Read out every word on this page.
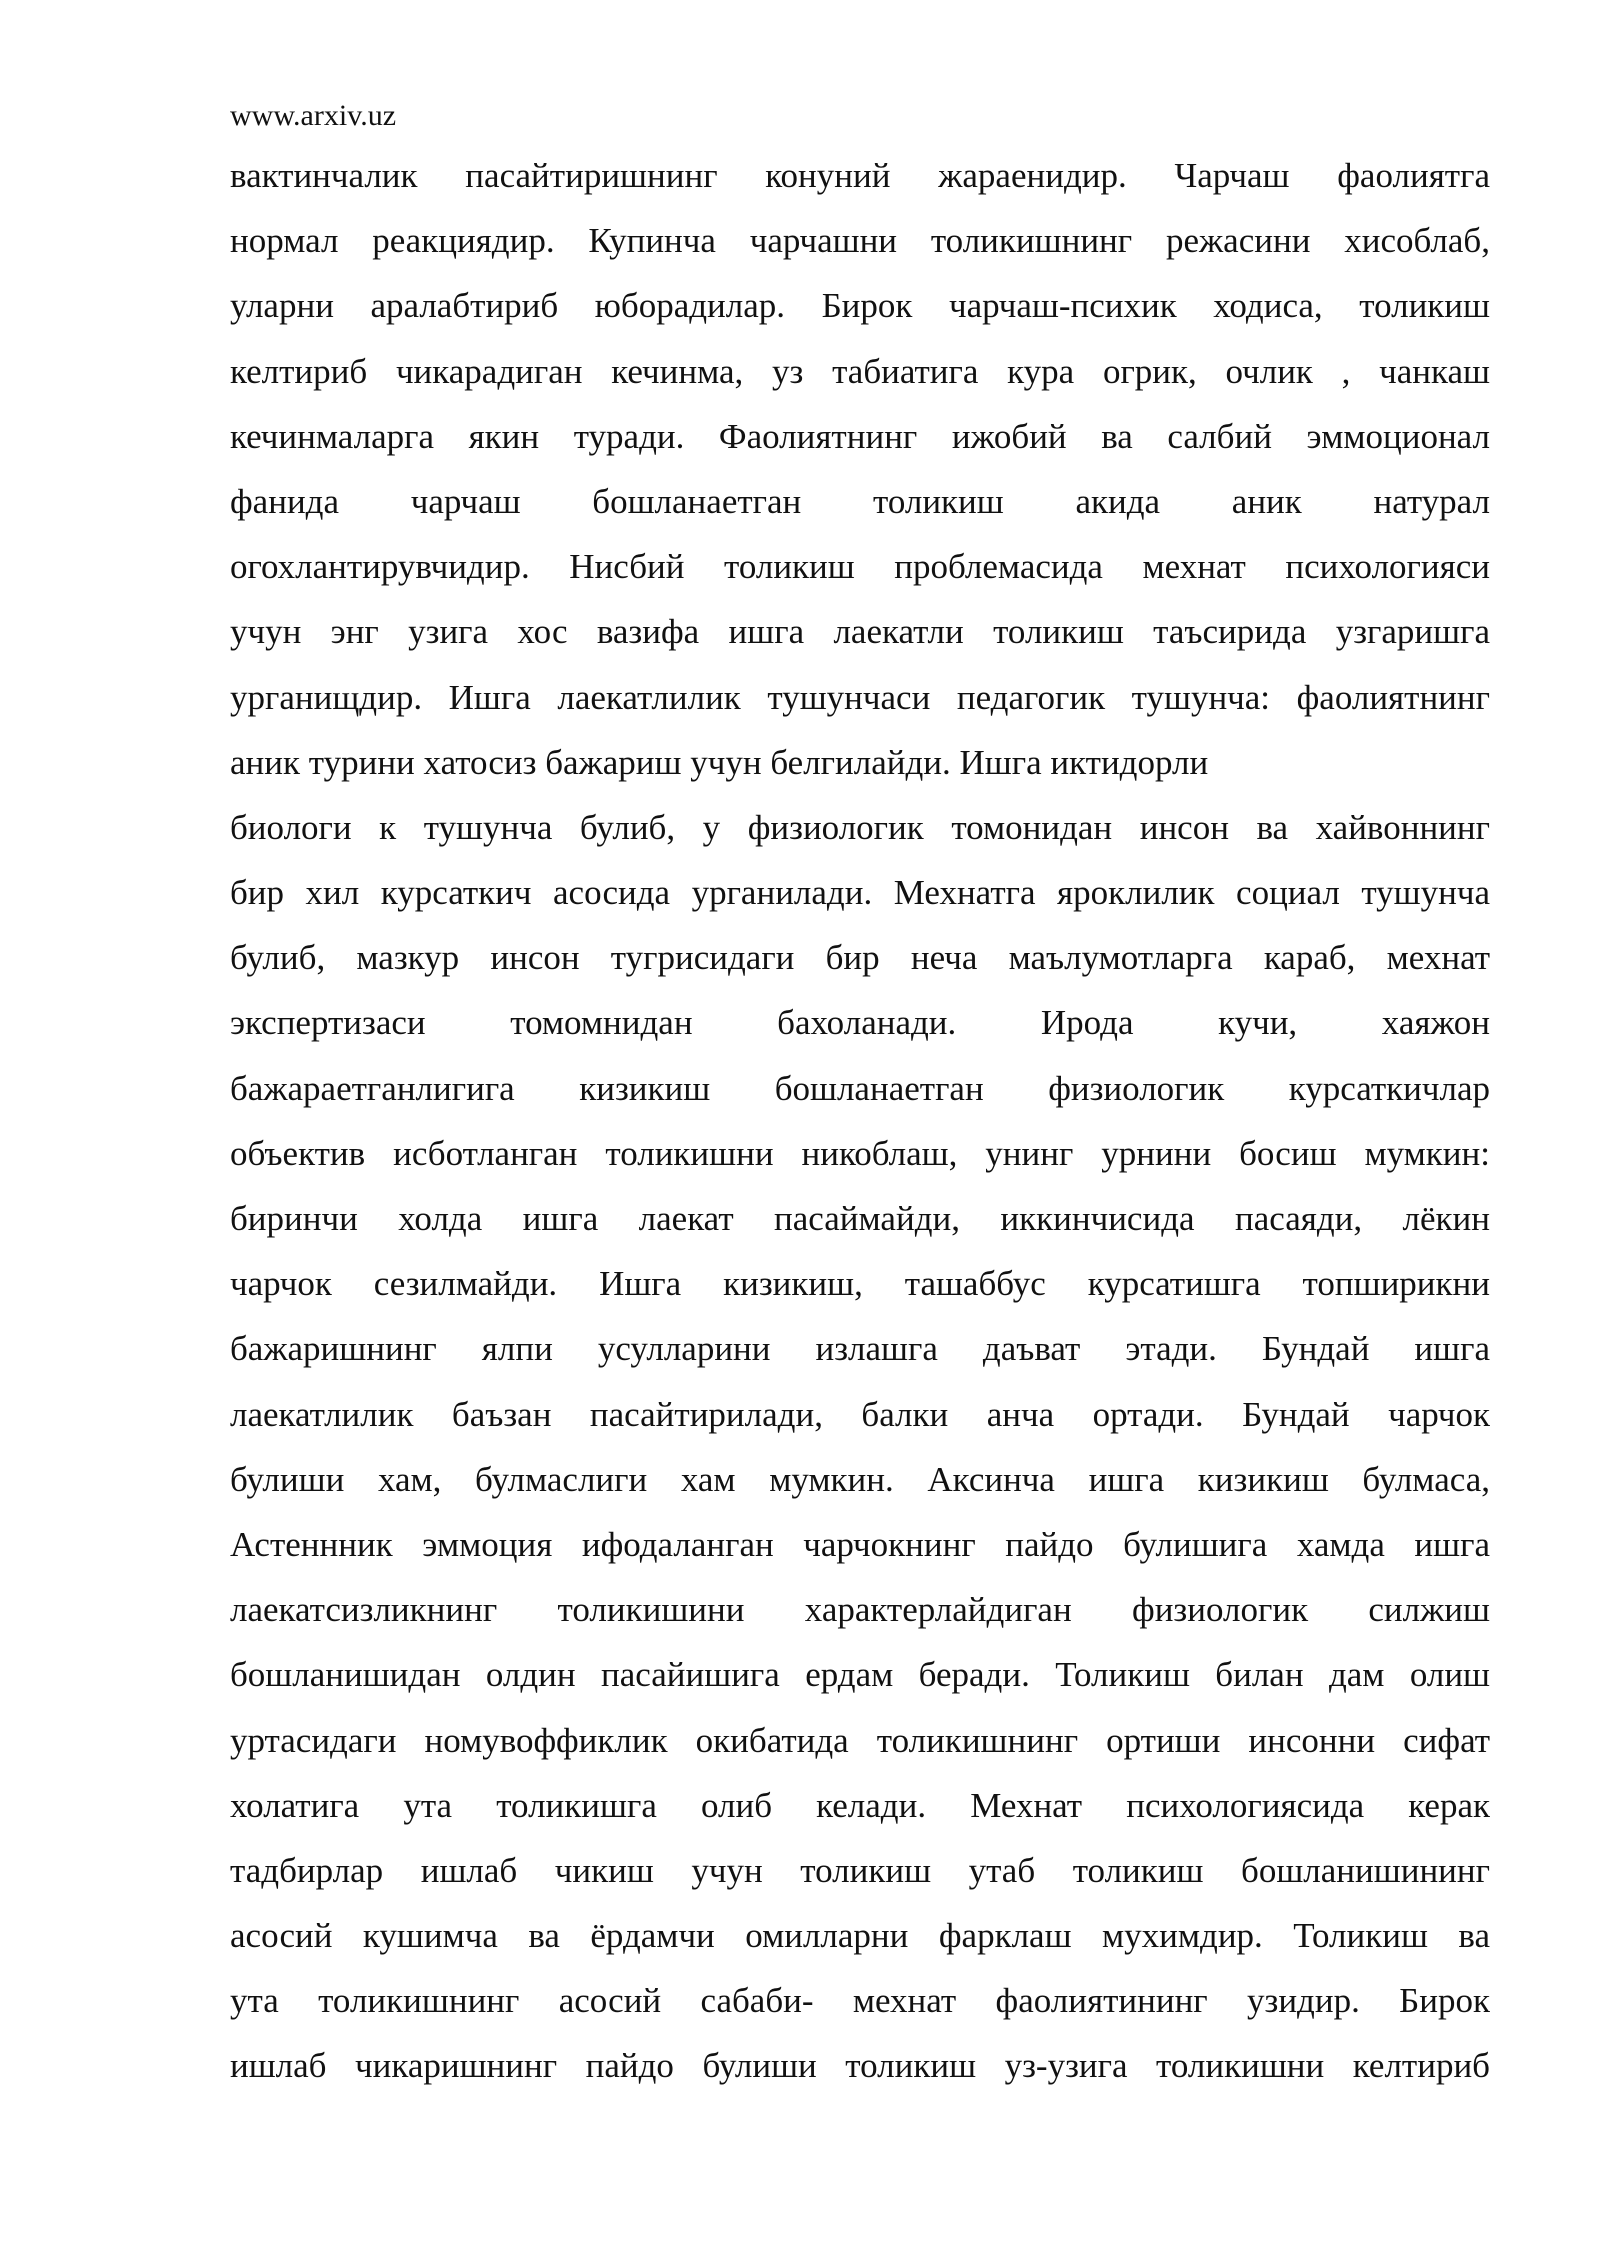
www.arxiv.uz
вактинчалик пасайтиришнинг конуний жараенидир. Чарчаш фаолиятга
нормал реакциядир. Купинча чарчашни толикишнинг режасини хисоблаб,
уларни аралабтириб юборадилар. Бирок чарчаш-психик ходиса, толикиш
келтириб чикарадиган кечинма, уз табиатига кура огрик, очлик , чанкаш
кечинмаларга якин туради. Фаолиятнинг ижобий ва салбий эммоционал
фанида чарчаш бошланаетган толикиш акида аник натурал
огохлантирувчидир. Нисбий толикиш проблемасида мехнат психологияси
учун энг узига хос вазифа ишга лаекатли толикиш таъсирида узгаришга
урганищдир. Ишга лаекатлилик тушунчаси педагогик тушунча: фаолиятнинг
аник турини хатосиз бажариш учун белгилайди. Ишга иктидорли
биологи к тушунча булиб, у физиологик томонидан инсон ва хайвоннинг
бир хил курсаткич асосида урганилади. Мехнатга яроклилик социал тушунча
булиб, мазкур инсон тугрисидаги бир неча маълумотларга караб, мехнат
экспертизаси томомнидан бахоланади. Ирода кучи, хаяжон
бажараетганлигига кизикиш бошланаетган физиологик курсаткичлар
объектив исботланган толикишни никоблаш, унинг урнини босиш мумкин:
биринчи холда ишга лаекат пасаймайди, иккинчисида пасаяди, лёкин
чарчок сезилмайди. Ишга кизикиш, ташаббус курсатишга топширикни
бажаришнинг ялпи усулларини излашга даъват этади. Бундай ишга
лаекатлилик баъзан пасайтирилади, балки анча ортади. Бундай чарчок
булиши хам, булмаслиги хам мумкин. Аксинча ишга кизикиш булмаса,
Астеннник эммоция ифодаланган чарчокнинг пайдо булишига хамда ишга
лаекатсизликнинг толикишини характерлайдиган физиологик силжиш
бошланишидан олдин пасайишига ердам беради. Толикиш билан дам олиш
уртасидаги номувоффиклик окибатида толикишнинг ортиши инсонни сифат
холатига ута толикишга олиб келади. Мехнат психологиясида керак
тадбирлар ишлаб чикиш учун толикиш утаб толикиш бошланишининг
асосий кушимча ва ёрдамчи омилларни фарклаш мухимдир. Толикиш ва
ута толикишнинг асосий сабаби- мехнат фаолиятининг узидир. Бирок
ишлаб чикаришнинг пайдо булиши толикиш уз-узига толикишни келтириб
